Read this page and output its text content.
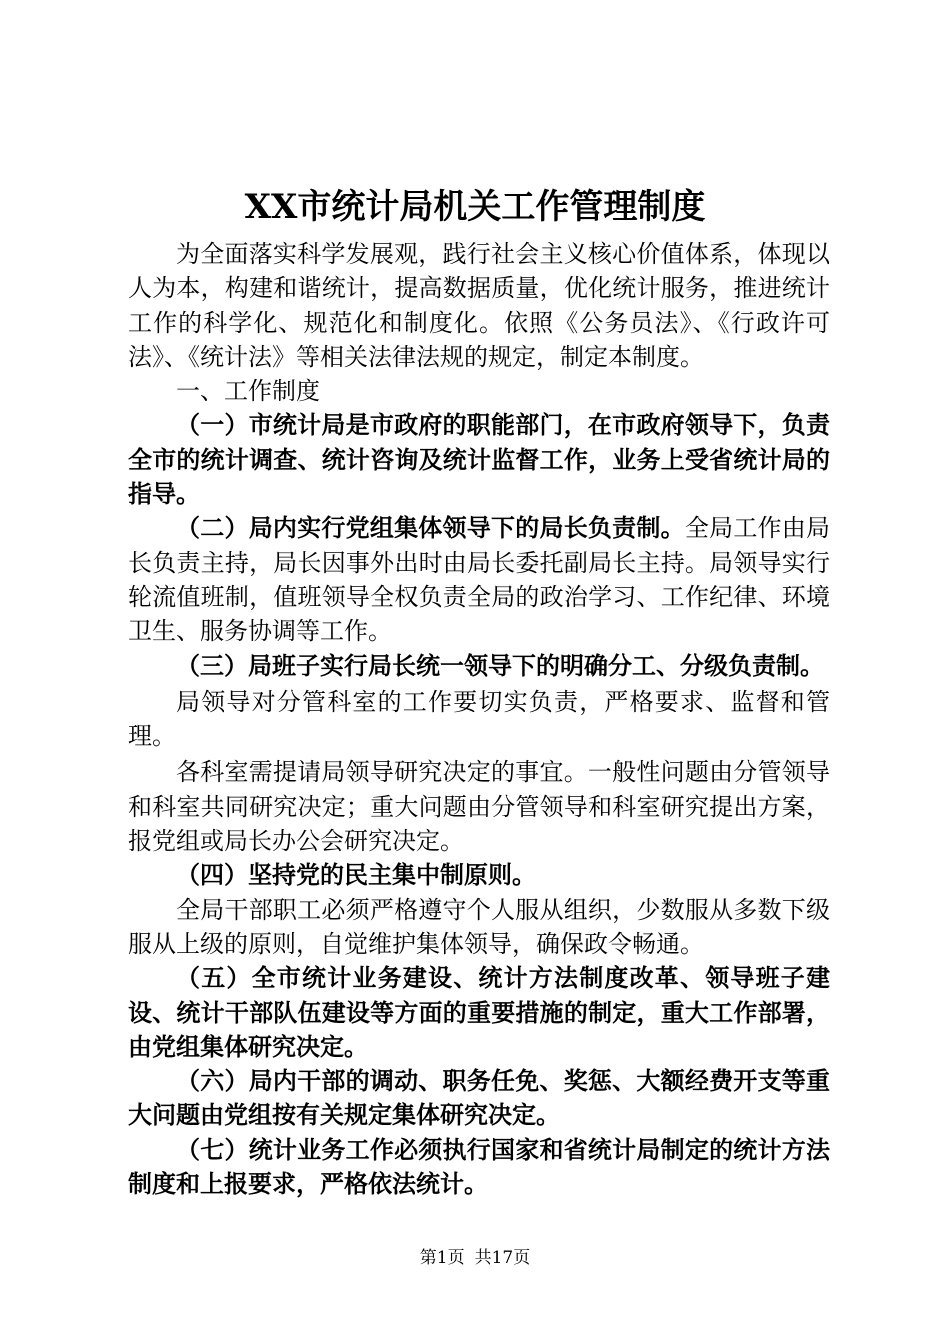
XX市统计局机关工作管理制度

为全面落实科学发展观，践行社会主义核心价值体系，体现以人为本，构建和谐统计，提高数据质量，优化统计服务，推进统计工作的科学化、规范化和制度化。依照《公务员法》、《行政许可法》、《统计法》等相关法律法规的规定，制定本制度。

一、工作制度

（一）市统计局是市政府的职能部门，在市政府领导下，负责全市的统计调查、统计咨询及统计监督工作，业务上受省统计局的指导。

（二）局内实行党组集体领导下的局长负责制。全局工作由局长负责主持，局长因事外出时由局长委托副局长主持。局领导实行轮流值班制，值班领导全权负责全局的政治学习、工作纪律、环境卫生、服务协调等工作。

（三）局班子实行局长统一领导下的明确分工、分级负责制。

局领导对分管科室的工作要切实负责，严格要求、监督和管理。

各科室需提请局领导研究决定的事宜。一般性问题由分管领导和科室共同研究决定；重大问题由分管领导和科室研究提出方案，报党组或局长办公会研究决定。

（四）坚持党的民主集中制原则。

全局干部职工必须严格遵守个人服从组织，少数服从多数下级服从上级的原则，自觉维护集体领导，确保政令畅通。

（五）全市统计业务建设、统计方法制度改革、领导班子建设、统计干部队伍建设等方面的重要措施的制定，重大工作部署，由党组集体研究决定。

（六）局内干部的调动、职务任免、奖惩、大额经费开支等重大问题由党组按有关规定集体研究决定。

（七）统计业务工作必须执行国家和省统计局制定的统计方法制度和上报要求，严格依法统计。

第1页 共17页
